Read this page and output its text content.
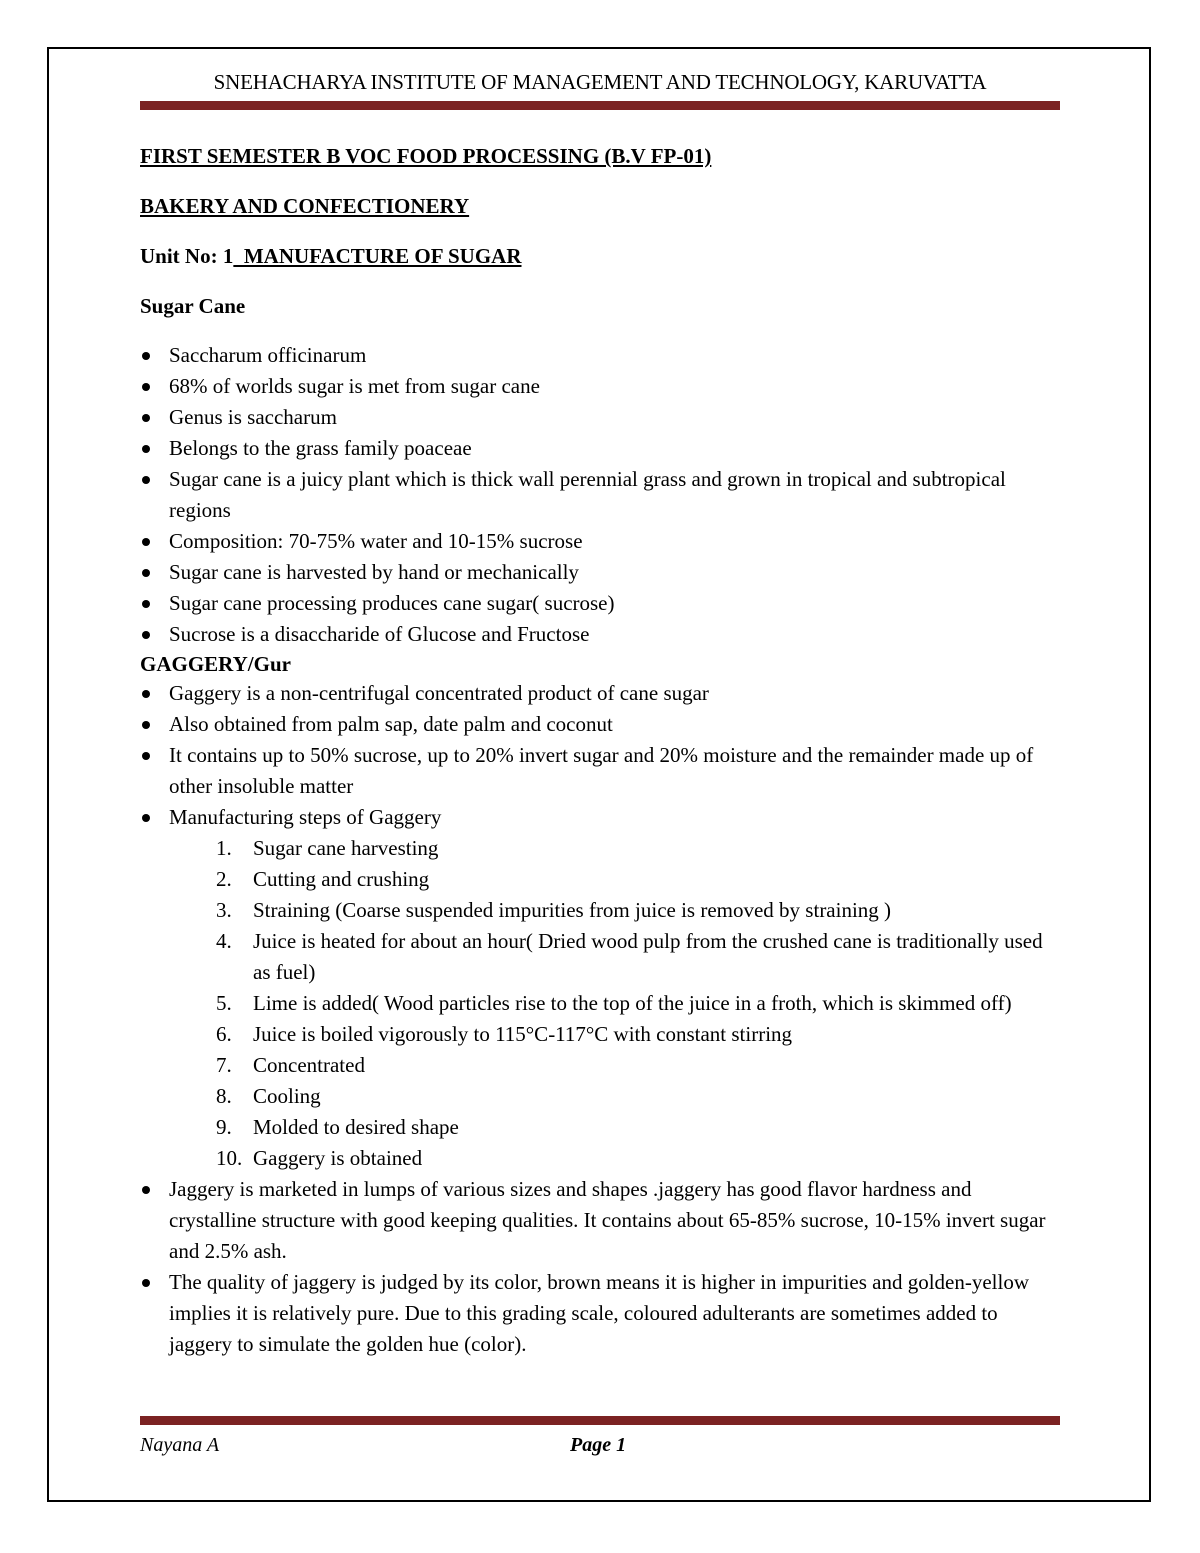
SNEHACHARYA INSTITUTE OF MANAGEMENT AND TECHNOLOGY, KARUVATTA

FIRST SEMESTER B VOC FOOD PROCESSING (B.V FP-01)

BAKERY AND CONFECTIONERY

Unit No: 1  MANUFACTURE OF SUGAR

Sugar Cane

Saccharum officinarum
68% of worlds sugar is met from sugar cane
Genus is saccharum
Belongs to the grass family poaceae
Sugar cane is a juicy plant which is thick wall perennial grass and grown in tropical and subtropical regions
Composition: 70-75% water and 10-15% sucrose
Sugar cane is harvested by hand or mechanically
Sugar cane processing produces cane sugar( sucrose)
Sucrose is a disaccharide of Glucose and Fructose

GAGGERY/Gur

Gaggery is a non-centrifugal concentrated product of cane sugar
Also obtained from palm sap, date palm and coconut
It contains up to 50% sucrose, up to 20% invert sugar and 20% moisture and the remainder made up of other insoluble matter
Manufacturing steps of Gaggery
1.	Sugar cane harvesting
2.	Cutting and crushing
3.	Straining (Coarse suspended impurities from juice is removed by straining )
4.	Juice is heated for about an hour( Dried wood pulp from the crushed cane is traditionally used as fuel)
5.	Lime is added( Wood particles rise to the top of the juice in a froth, which is skimmed off)
6.	Juice is boiled vigorously to 115°C-117°C with constant stirring
7.	Concentrated
8.	Cooling
9.	Molded to desired shape
10. Gaggery is obtained
Jaggery is marketed in lumps of various sizes and shapes .jaggery has good flavor hardness and crystalline structure with good keeping qualities. It contains about 65-85% sucrose, 10-15% invert sugar and 2.5% ash.
The quality of jaggery is judged by its color, brown means it is higher in impurities and golden-yellow implies it is relatively pure. Due to this grading scale, coloured adulterants are sometimes added to jaggery to simulate the golden hue (color).
Nayana A	Page 1
